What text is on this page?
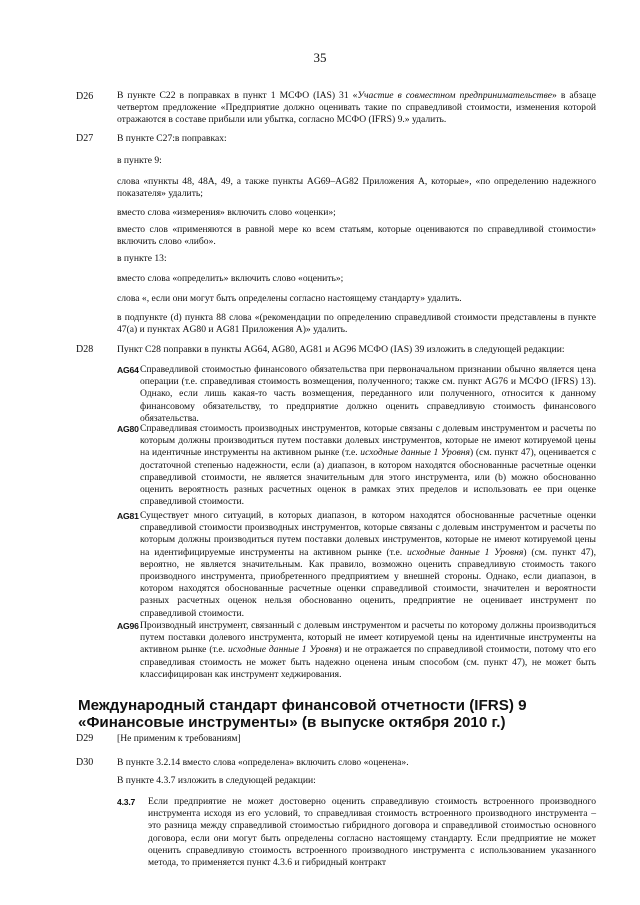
35
D26 В пункте С22 в поправках в пункт 1 МСФО (IAS) 31 «Участие в совместном предпринимательстве» в абзаце четвертом предложение «Предприятие должно оценивать такие по справедливой стоимости, изменения которой отражаются в составе прибыли или убытка, согласно МСФО (IFRS) 9.» удалить.

D27 В пункте С27:в поправках:

в пункте 9:

слова «пункты 48, 48А, 49, а также пункты AG69–AG82 Приложения А, которые», «по определению надежного показателя» удалить;

вместо слова «измерения» включить слово «оценки»;

вместо слов «применяются в равной мере ко всем статьям, которые оцениваются по справедливой стоимости» включить слово «либо».

в пункте 13:

вместо слова «определить» включить слово «оценить»;

слова «, если они могут быть определены согласно настоящему стандарту» удалить.

в подпункте (d) пункта 88 слова «(рекомендации по определению справедливой стоимости представлены в пункте 47(а) и пунктах AG80 и AG81 Приложения А)» удалить.

D28 Пункт С28 поправки в пункты AG64, AG80, AG81 и AG96 МСФО (IAS) 39 изложить в следующей редакции:

AG64 Справедливой стоимостью финансового обязательства при первоначальном признании обычно является цена операции (т.е. справедливая стоимость возмещения, полученного; также см. пункт AG76 и МСФО (IFRS) 13). Однако, если лишь какая-то часть возмещения, переданного или полученного, относится к данному финансовому обязательству, то предприятие должно оценить справедливую стоимость финансового обязательства.

AG80 Справедливая стоимость производных инструментов, которые связаны с долевым инструментом и расчеты по которым должны производиться путем поставки долевых инструментов, которые не имеют котируемой цены на идентичные инструменты на активном рынке (т.е. исходные данные 1 Уровня) (см. пункт 47), оценивается с достаточной степенью надежности, если (а) диапазон, в котором находятся обоснованные расчетные оценки справедливой стоимости, не является значительным для этого инструмента, или (b) можно обоснованно оценить вероятность разных расчетных оценок в рамках этих пределов и использовать ее при оценке справедливой стоимости.

AG81 Существует много ситуаций, в которых диапазон, в котором находятся обоснованные расчетные оценки справедливой стоимости производных инструментов, которые связаны с долевым инструментом и расчеты по которым должны производиться путем поставки долевых инструментов, которые не имеют котируемой цены на идентифицируемые инструменты на активном рынке (т.е. исходные данные 1 Уровня) (см. пункт 47), вероятно, не является значительным. Как правило, возможно оценить справедливую стоимость такого производного инструмента, приобретенного предприятием у внешней стороны. Однако, если диапазон, в котором находятся обоснованные расчетные оценки справедливой стоимости, значителен и вероятности разных расчетных оценок нельзя обоснованно оценить, предприятие не оценивает инструмент по справедливой стоимости.

AG96 Производный инструмент, связанный с долевым инструментом и расчеты по которому должны производиться путем поставки долевого инструмента, который не имеет котируемой цены на идентичные инструменты на активном рынке (т.е. исходные данные 1 Уровня) и не отражается по справедливой стоимости, потому что его справедливая стоимость не может быть надежно оценена иным способом (см. пункт 47), не может быть классифицирован как инструмент хеджирования.

Международный стандарт финансовой отчетности (IFRS) 9

«Финансовые инструменты» (в выпуске октября 2010 г.)

D29 [Не применим к требованиям]

D30 В пункте 3.2.14 вместо слова «определена» включить слово «оценена».

В пункте 4.3.7 изложить в следующей редакции:

4.3.7 Если предприятие не может достоверно оценить справедливую стоимость встроенного производного инструмента исходя из его условий, то справедливая стоимость встроенного производного инструмента – это разница между справедливой стоимостью гибридного договора и справедливой стоимостью основного договора, если они могут быть определены согласно настоящему стандарту. Если предприятие не может оценить справедливую стоимость встроенного производного инструмента с использованием указанного метода, то применяется пункт 4.3.6 и гибридный контракт
